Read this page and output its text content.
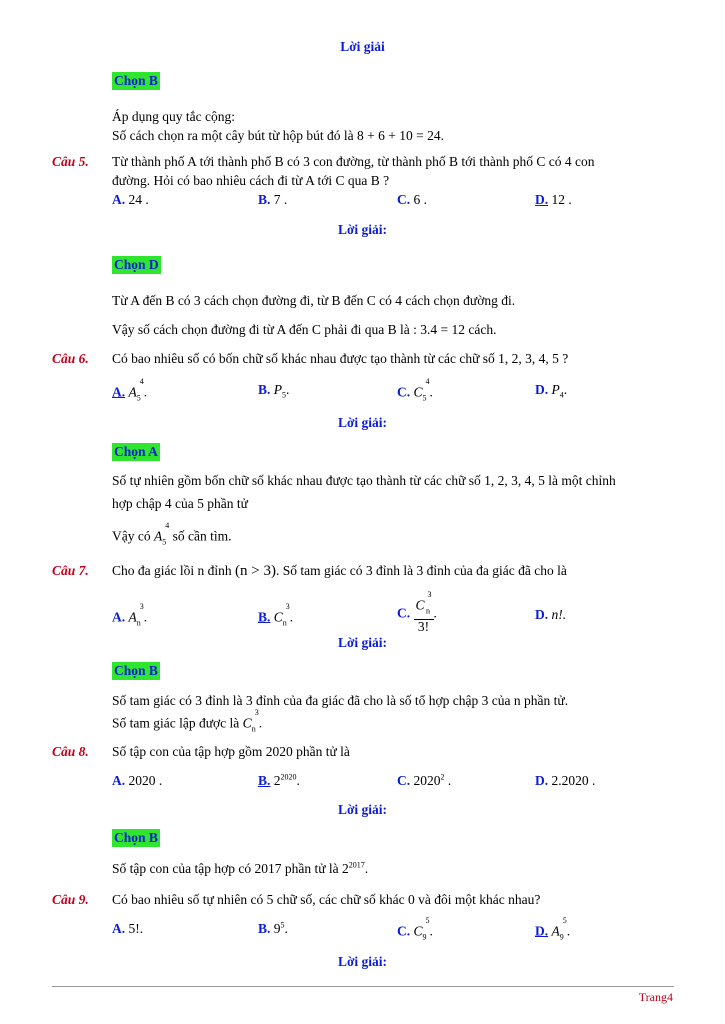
Lời giải
Chọn B
Áp dụng quy tắc cộng:
Số cách chọn ra một cây bút từ hộp bút đó là 8 + 6 + 10 = 24.
Câu 5. Từ thành phố A tới thành phố B có 3 con đường, từ thành phố B tới thành phố C có 4 con
đường. Hỏi có bao nhiêu cách đi từ A tới C qua B ?
A. 24 .	B. 7 .	C. 6 .	D. 12 .
Lời giải:
Chọn D
Từ A đến B có 3 cách chọn đường đi, từ B đến C có 4 cách chọn đường đi.
Vậy số cách chọn đường đi từ A đến C phải đi qua B là : 3.4 = 12 cách.
Câu 6. Có bao nhiêu số có bốn chữ số khác nhau được tạo thành từ các chữ số 1, 2, 3, 4, 5 ?
A. A
4
$_5$ .	B. $P_5$.	C. C
4
$_5$ .	D. $P_4$.
Lời giải:
Chọn A
Số tự nhiên gồm bốn chữ số khác nhau được tạo thành từ các chữ số 1, 2, 3, 4, 5 là một chỉnh
hợp chập 4 của 5 phần tử
Vậy có A
4
$_5$ số cần tìm.
Câu 7. Cho đa giác lồi n đỉnh (n > 3). Số tam giác có 3 đỉnh là 3 đỉnh của đa giác đã cho là
A. A
3
$_n$ .	B. C
3
$_n$ .	C. C
3
$_n$
3! .	D. n!.
Lời giải:
Chọn B
Số tam giác có 3 đỉnh là 3 đỉnh của đa giác đã cho là số tổ hợp chập 3 của n phần tử.
Số tam giác lập được là C
3
$_n$ .
Câu 8. Số tập con của tập hợp gồm 2020 phần tử là
A. 2020 .	B. $2^{2020}$.	C. 2020$^2$ .	D. 2.2020 .
Lời giải:
Chọn B
Số tập con của tập hợp có 2017 phần tử là $2^{2017}$.
Câu 9. Có bao nhiêu số tự nhiên có 5 chữ số, các chữ số khác 0 và đôi một khác nhau?
A. 5!.	B. $9^5$.	C. C
5
$_9$ .	D. A
5
$_9$ .
Lời giải:
Trang4
